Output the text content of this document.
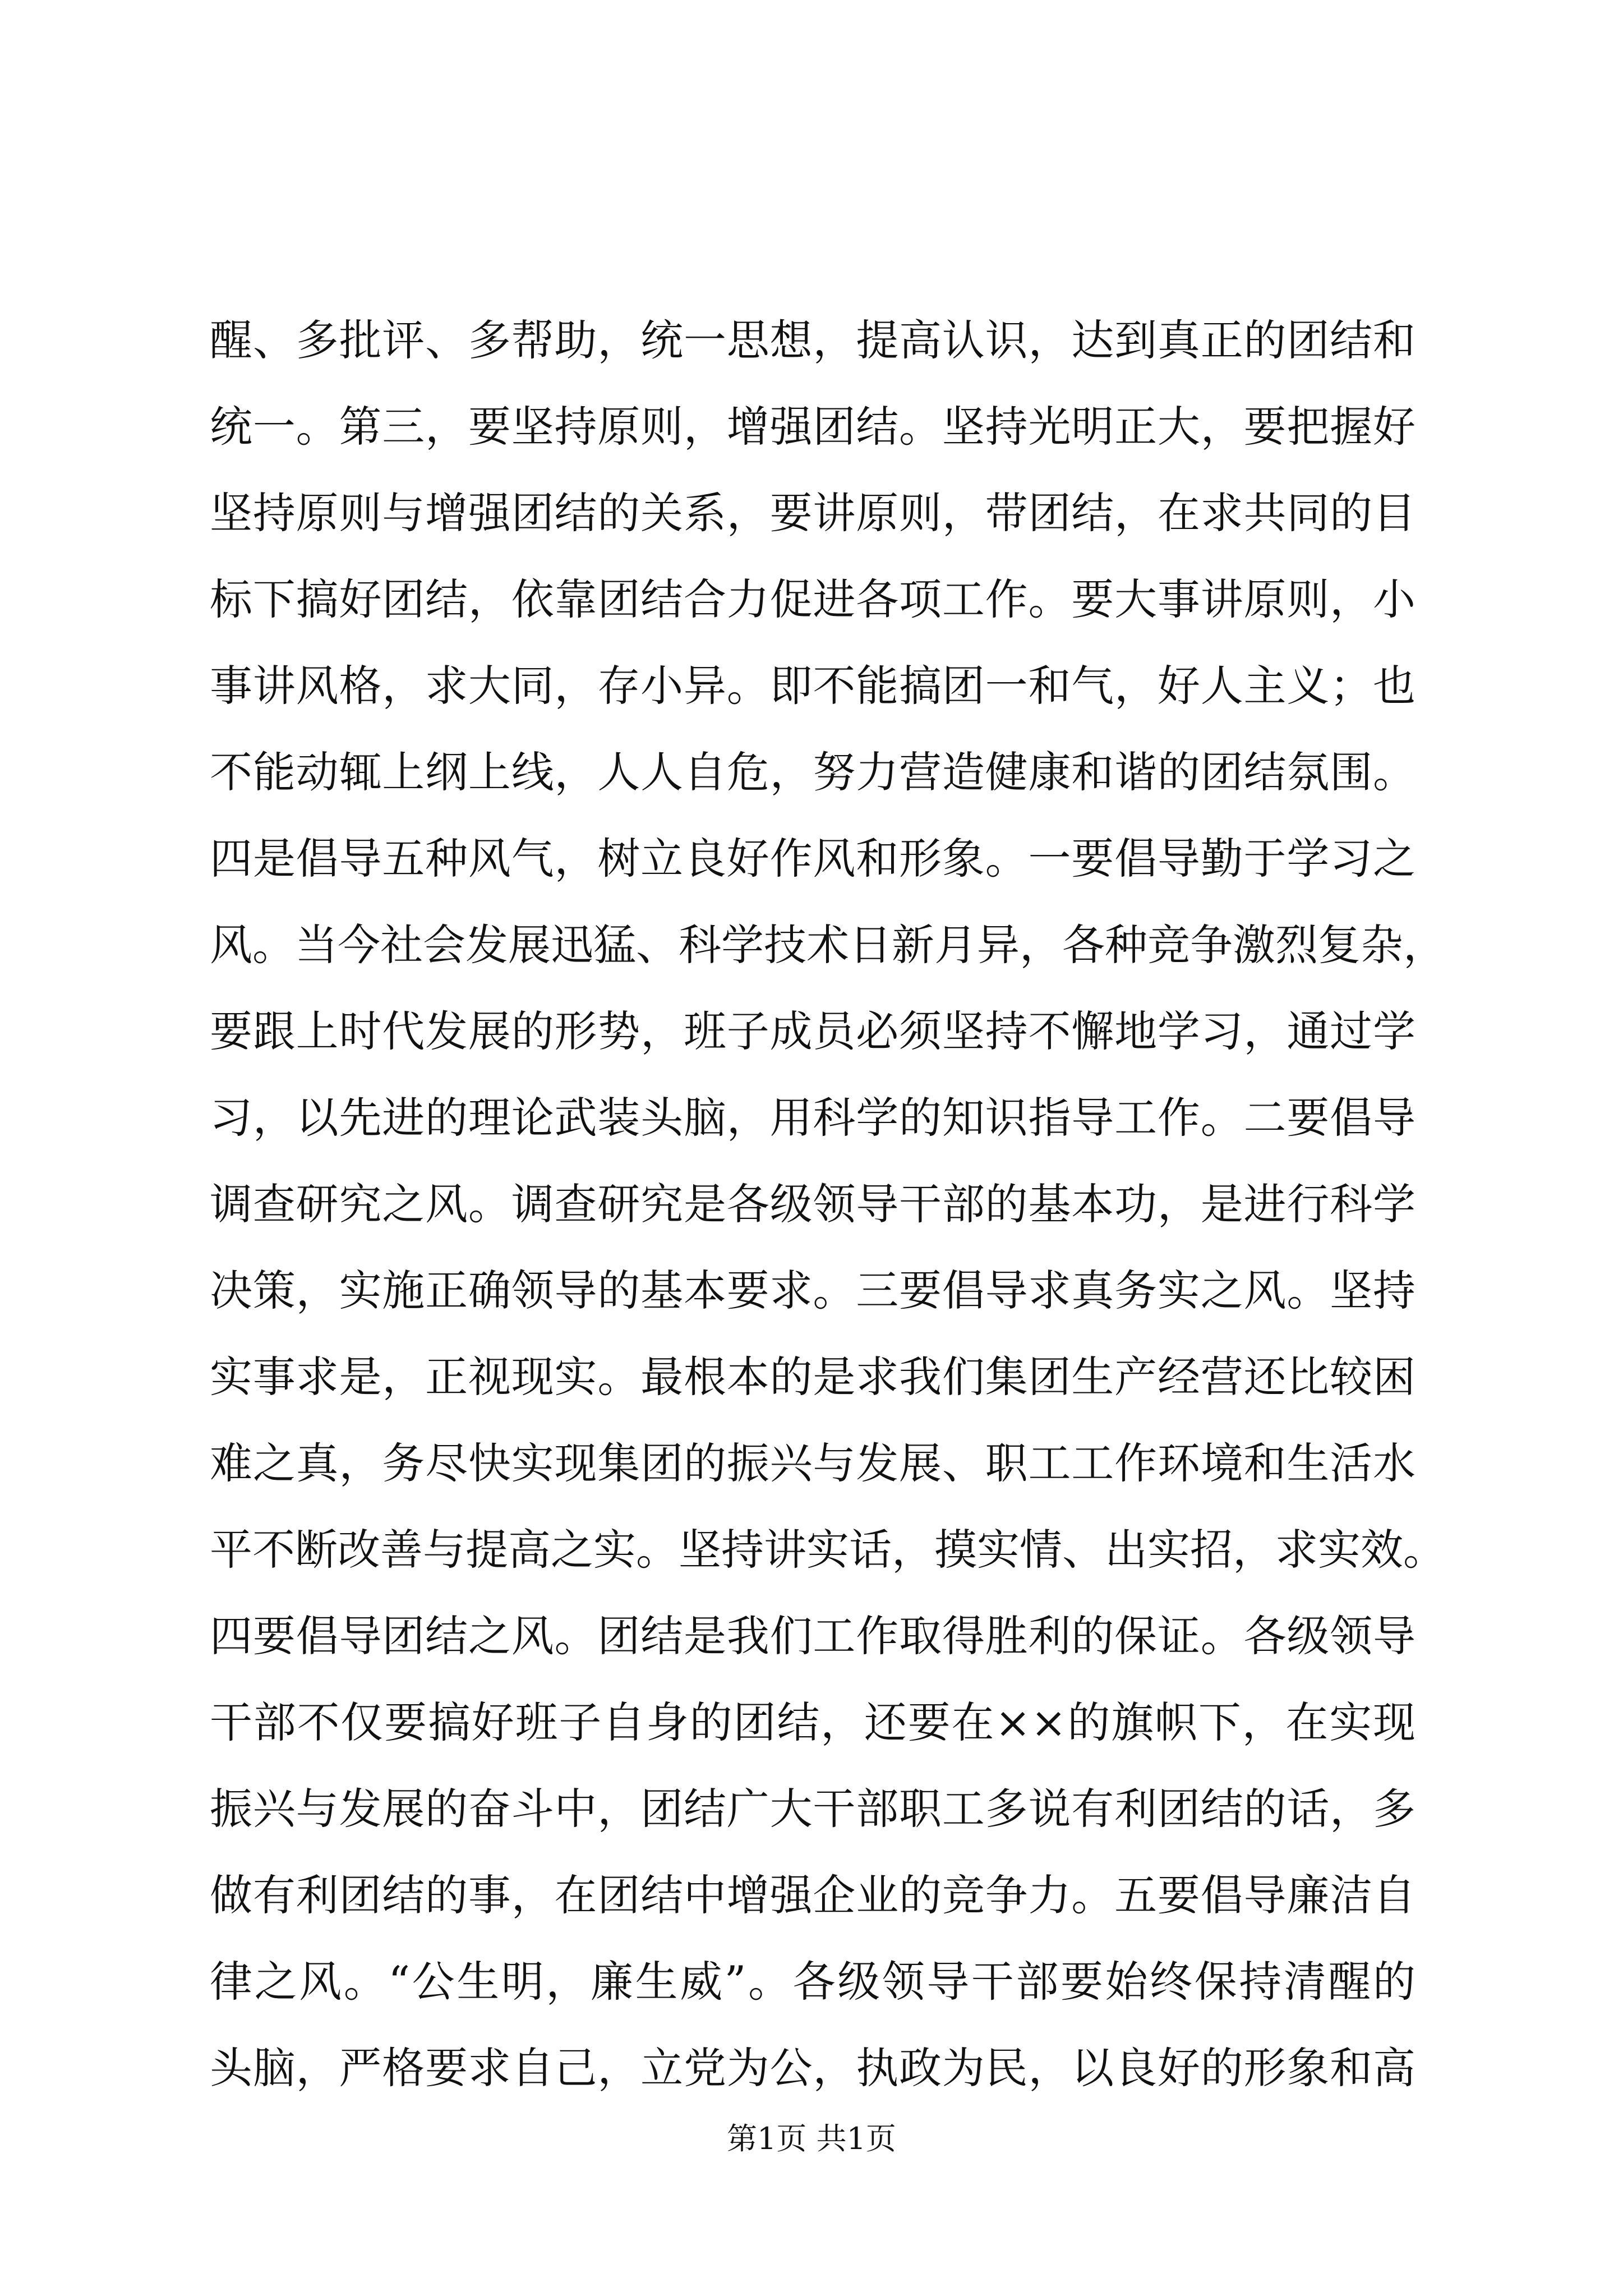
醒、多批评、多帮助，统一思想，提高认识，达到真正的团结和
统一。第三，要坚持原则，增强团结。坚持光明正大，要把握好
坚持原则与增强团结的关系，要讲原则，带团结，在求共同的目
标下搞好团结，依靠团结合力促进各项工作。要大事讲原则，小
事讲风格，求大同，存小异。即不能搞团一和气，好人主义；也
不能动辄上纲上线，人人自危，努力营造健康和谐的团结氛围。
四是倡导五种风气，树立良好作风和形象。一要倡导勤于学习之
风。当今社会发展迅猛、科学技术日新月异，各种竞争激烈复杂，
要跟上时代发展的形势，班子成员必须坚持不懈地学习，通过学
习，以先进的理论武装头脑，用科学的知识指导工作。二要倡导
调查研究之风。调查研究是各级领导干部的基本功，是进行科学
决策，实施正确领导的基本要求。三要倡导求真务实之风。坚持
实事求是，正视现实。最根本的是求我们集团生产经营还比较困
难之真，务尽快实现集团的振兴与发展、职工工作环境和生活水
平不断改善与提高之实。坚持讲实话，摸实情、出实招，求实效。
四要倡导团结之风。团结是我们工作取得胜利的保证。各级领导
干部不仅要搞好班子自身的团结，还要在××的旗帜下，在实现
振兴与发展的奋斗中，团结广大干部职工多说有利团结的话，多
做有利团结的事，在团结中增强企业的竞争力。五要倡导廉洁自
律之风。“公生明，廉生威”。各级领导干部要始终保持清醒的
头脑，严格要求自己，立党为公，执政为民，以良好的形象和高
第1页 共1页
